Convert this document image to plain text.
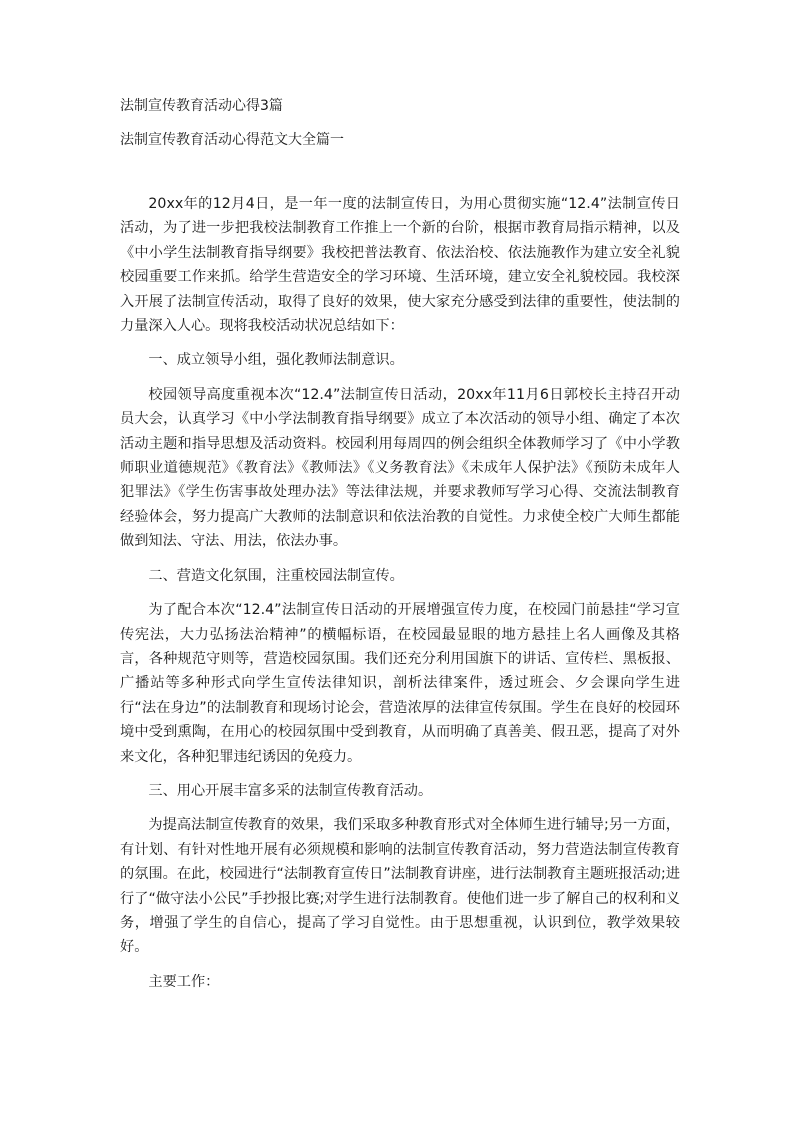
法制宣传教育活动心得3篇
法制宣传教育活动心得范文大全篇一

20xx年的12月4日，是一年一度的法制宣传日，为用心贯彻实施“12.4”法制宣传日活动，为了进一步把我校法制教育工作推上一个新的台阶，根据市教育局指示精神，以及《中小学生法制教育指导纲要》我校把普法教育、依法治校、依法施教作为建立安全礼貌校园重要工作来抓。给学生营造安全的学习环境、生活环境，建立安全礼貌校园。我校深入开展了法制宣传活动，取得了良好的效果，使大家充分感受到法律的重要性，使法制的力量深入人心。现将我校活动状况总结如下：

一、成立领导小组，强化教师法制意识。

校园领导高度重视本次“12.4”法制宣传日活动，20xx年11月6日郭校长主持召开动员大会，认真学习《中小学法制教育指导纲要》成立了本次活动的领导小组、确定了本次活动主题和指导思想及活动资料。校园利用每周四的例会组织全体教师学习了《中小学教师职业道德规范》《教育法》《教师法》《义务教育法》《未成年人保护法》《预防未成年人犯罪法》《学生伤害事故处理办法》等法律法规，并要求教师写学习心得、交流法制教育经验体会，努力提高广大教师的法制意识和依法治教的自觉性。力求使全校广大师生都能做到知法、守法、用法，依法办事。

二、营造文化氛围，注重校园法制宣传。

为了配合本次“12.4”法制宣传日活动的开展增强宣传力度，在校园门前悬挂“学习宣传宪法，大力弘扬法治精神”的横幅标语，在校园最显眼的地方悬挂上名人画像及其格言，各种规范守则等，营造校园氛围。我们还充分利用国旗下的讲话、宣传栏、黑板报、广播站等多种形式向学生宣传法律知识，剖析法律案件，透过班会、夕会课向学生进行“法在身边”的法制教育和现场讨论会，营造浓厚的法律宣传氛围。学生在良好的校园环境中受到熏陶，在用心的校园氛围中受到教育，从而明确了真善美、假丑恶，提高了对外来文化，各种犯罪违纪诱因的免疫力。

三、用心开展丰富多采的法制宣传教育活动。

为提高法制宣传教育的效果，我们采取多种教育形式对全体师生进行辅导;另一方面，有计划、有针对性地开展有必须规模和影响的法制宣传教育活动，努力营造法制宣传教育的氛围。在此，校园进行“法制教育宣传日”法制教育讲座，进行法制教育主题班报活动;进行了“做守法小公民”手抄报比赛;对学生进行法制教育。使他们进一步了解自己的权利和义务，增强了学生的自信心，提高了学习自觉性。由于思想重视，认识到位，教学效果较好。

主要工作：
